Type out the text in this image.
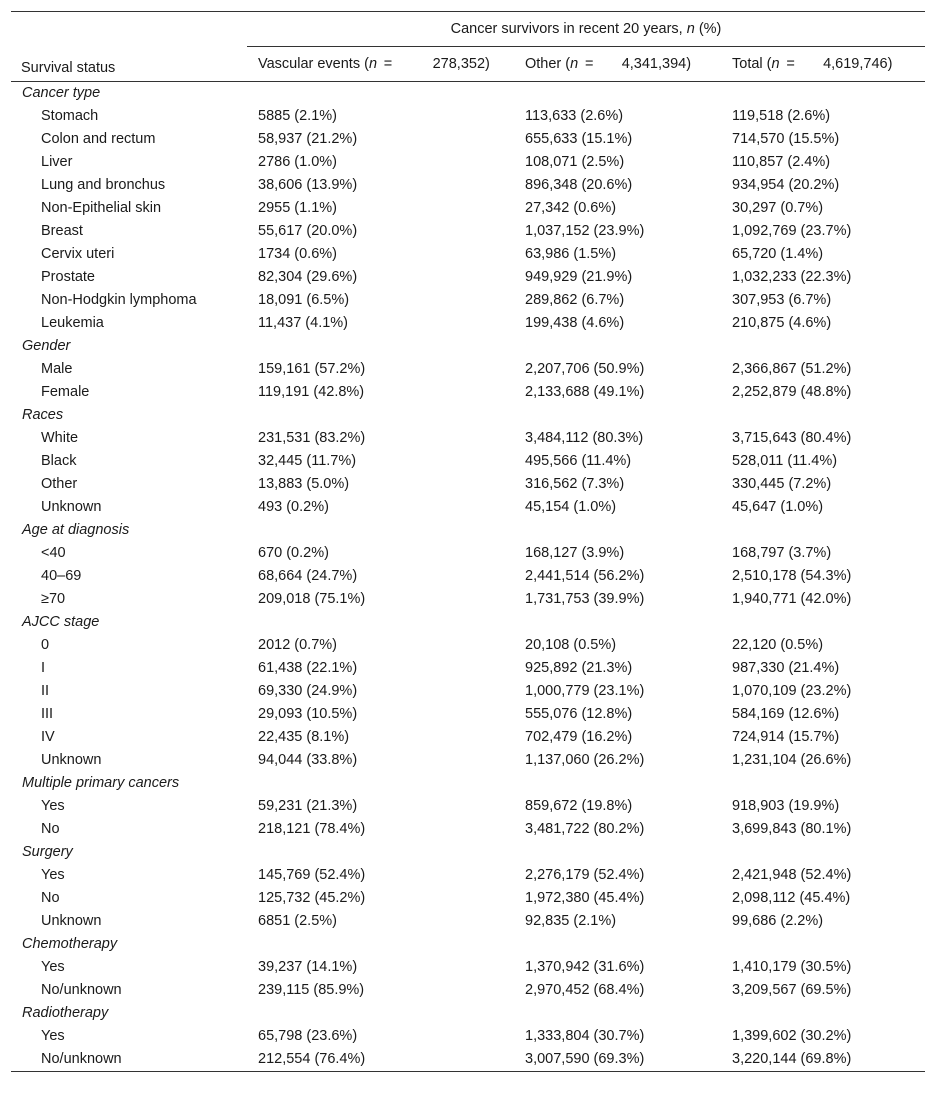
	Cancer survivors in recent 20 years, n (%)		
Survival status	Vascular events (n = 278,352)	Other (n = 4,341,394)	Total (n = 4,619,746)
Cancer type			
Stomach	5885 (2.1%)	113,633 (2.6%)	119,518 (2.6%)
Colon and rectum	58,937 (21.2%)	655,633 (15.1%)	714,570 (15.5%)
Liver	2786 (1.0%)	108,071 (2.5%)	110,857 (2.4%)
Lung and bronchus	38,606 (13.9%)	896,348 (20.6%)	934,954 (20.2%)
Non-Epithelial skin	2955 (1.1%)	27,342 (0.6%)	30,297 (0.7%)
Breast	55,617 (20.0%)	1,037,152 (23.9%)	1,092,769 (23.7%)
Cervix uteri	1734 (0.6%)	63,986 (1.5%)	65,720 (1.4%)
Prostate	82,304 (29.6%)	949,929 (21.9%)	1,032,233 (22.3%)
Non-Hodgkin lymphoma	18,091 (6.5%)	289,862 (6.7%)	307,953 (6.7%)
Leukemia	11,437 (4.1%)	199,438 (4.6%)	210,875 (4.6%)
Gender			
Male	159,161 (57.2%)	2,207,706 (50.9%)	2,366,867 (51.2%)
Female	119,191 (42.8%)	2,133,688 (49.1%)	2,252,879 (48.8%)
Races			
White	231,531 (83.2%)	3,484,112 (80.3%)	3,715,643 (80.4%)
Black	32,445 (11.7%)	495,566 (11.4%)	528,011 (11.4%)
Other	13,883 (5.0%)	316,562 (7.3%)	330,445 (7.2%)
Unknown	493 (0.2%)	45,154 (1.0%)	45,647 (1.0%)
Age at diagnosis			
<40	670 (0.2%)	168,127 (3.9%)	168,797 (3.7%)
40–69	68,664 (24.7%)	2,441,514 (56.2%)	2,510,178 (54.3%)
≥70	209,018 (75.1%)	1,731,753 (39.9%)	1,940,771 (42.0%)
AJCC stage			
0	2012 (0.7%)	20,108 (0.5%)	22,120 (0.5%)
I	61,438 (22.1%)	925,892 (21.3%)	987,330 (21.4%)
II	69,330 (24.9%)	1,000,779 (23.1%)	1,070,109 (23.2%)
III	29,093 (10.5%)	555,076 (12.8%)	584,169 (12.6%)
IV	22,435 (8.1%)	702,479 (16.2%)	724,914 (15.7%)
Unknown	94,044 (33.8%)	1,137,060 (26.2%)	1,231,104 (26.6%)
Multiple primary cancers			
Yes	59,231 (21.3%)	859,672 (19.8%)	918,903 (19.9%)
No	218,121 (78.4%)	3,481,722 (80.2%)	3,699,843 (80.1%)
Surgery			
Yes	145,769 (52.4%)	2,276,179 (52.4%)	2,421,948 (52.4%)
No	125,732 (45.2%)	1,972,380 (45.4%)	2,098,112 (45.4%)
Unknown	6851 (2.5%)	92,835 (2.1%)	99,686 (2.2%)
Chemotherapy			
Yes	39,237 (14.1%)	1,370,942 (31.6%)	1,410,179 (30.5%)
No/unknown	239,115 (85.9%)	2,970,452 (68.4%)	3,209,567 (69.5%)
Radiotherapy			
Yes	65,798 (23.6%)	1,333,804 (30.7%)	1,399,602 (30.2%)
No/unknown	212,554 (76.4%)	3,007,590 (69.3%)	3,220,144 (69.8%)
